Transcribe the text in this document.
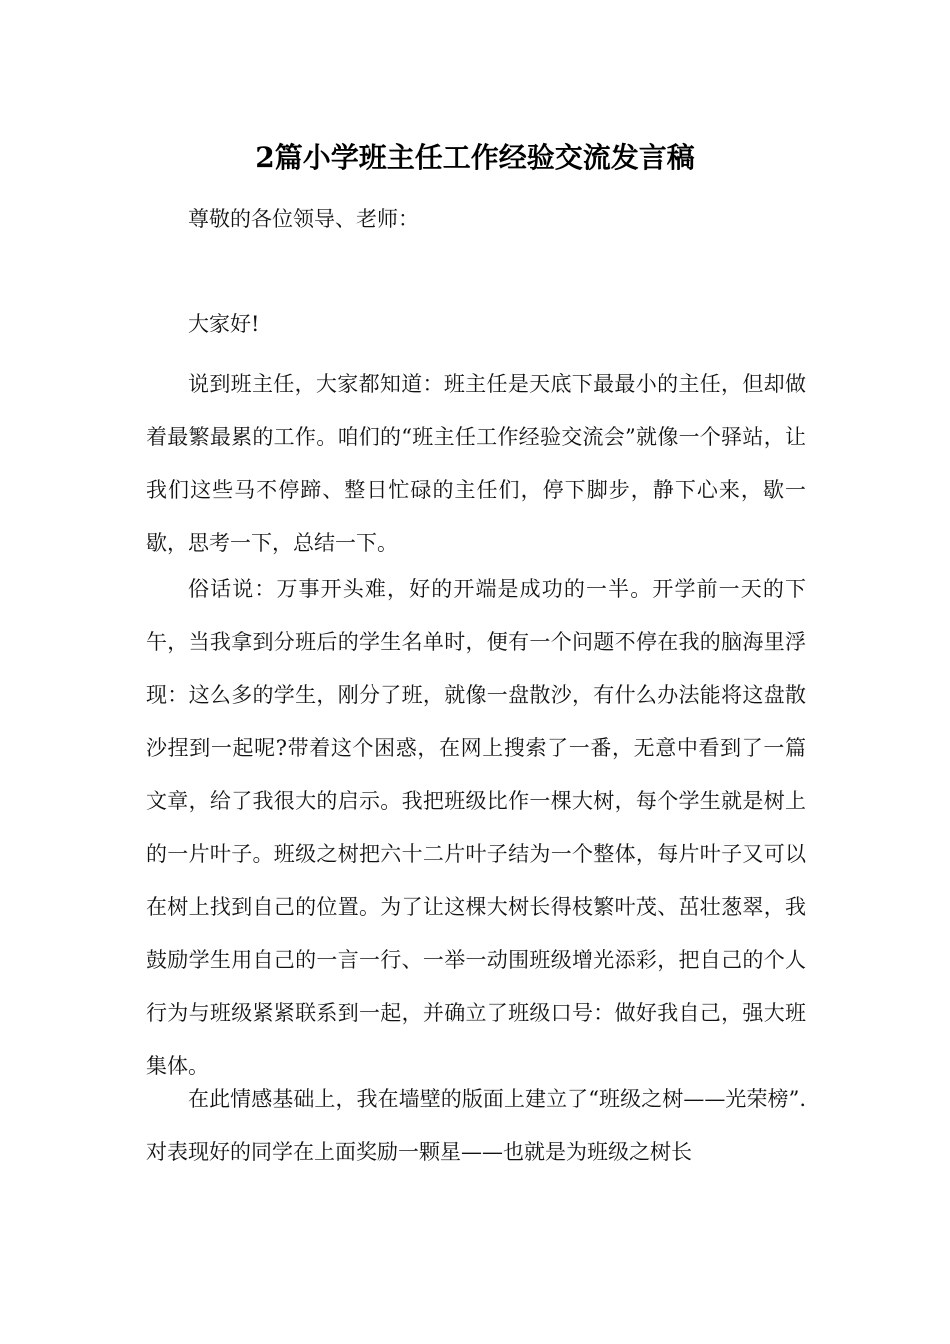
2篇小学班主任工作经验交流发言稿

尊敬的各位领导、老师：

大家好!

说到班主任，大家都知道：班主任是天底下最最小的主任，但却做着最繁最累的工作。咱们的“班主任工作经验交流会”就像一个驿站，让我们这些马不停蹄、整日忙碌的主任们，停下脚步，静下心来，歇一歇，思考一下，总结一下。

俗话说：万事开头难，好的开端是成功的一半。开学前一天的下午，当我拿到分班后的学生名单时，便有一个问题不停在我的脑海里浮现：这么多的学生，刚分了班，就像一盘散沙，有什么办法能将这盘散沙捏到一起呢?带着这个困惑，在网上搜索了一番，无意中看到了一篇文章，给了我很大的启示。我把班级比作一棵大树，每个学生就是树上的一片叶子。班级之树把六十二片叶子结为一个整体，每片叶子又可以在树上找到自己的位置。为了让这棵大树长得枝繁叶茂、茁壮葱翠，我鼓励学生用自己的一言一行、一举一动围班级增光添彩，把自己的个人行为与班级紧紧联系到一起，并确立了班级口号：做好我自己，强大班集体。

在此情感基础上，我在墙壁的版面上建立了“班级之树——光荣榜”.对表现好的同学在上面奖励一颗星——也就是为班级之树长
